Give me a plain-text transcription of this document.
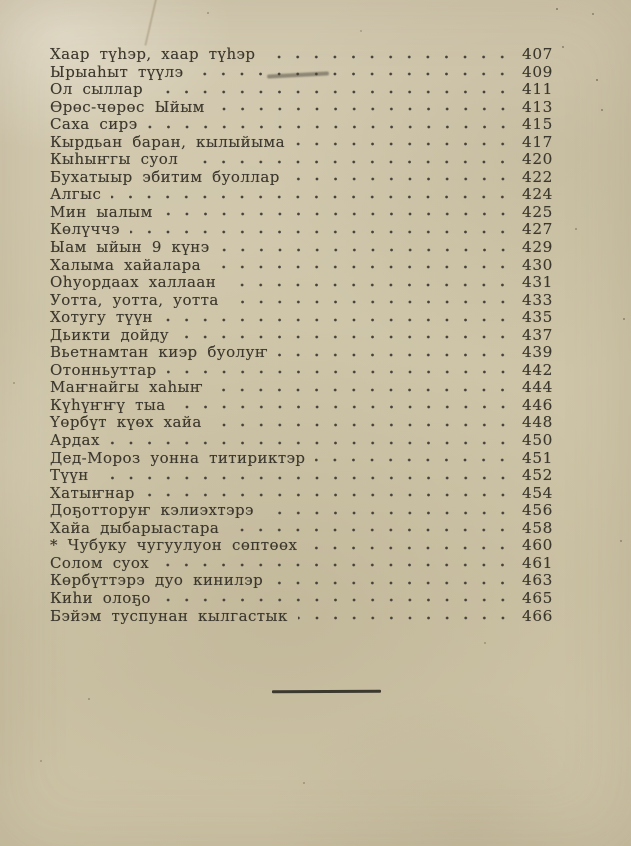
Хаар түһэр, хаар түһэр	407
Ырыаһыт түүлэ	409
Ол сыллар	411
Өрөс-чөрөс Ыйым	413
Саха сирэ	415
Кырдьан баран, кылыйыма	417
Кыһыҥгы суол	420
Бухатыыр эбитим буоллар	422
Алгыс	424
Мин ыалым	425
Көлүччэ	427
Ыам ыйын 9 күнэ	429
Халыма хайалара	430
Оһуордаах халлаан	431
Уотта, уотта, уотта	433
Хотугу түүн	435
Дьикти дойду	437
Вьетнамтан киэр буолуҥ	439
Отонньуттар	442
Маҥнайгы хаһыҥ	444
Күһүҥҥү тыа	446
Үөрбүт күөх хайа	448
Ардах	450
Дед-Мороз уонна титириктэр	451
Түүн	452
Хатыҥнар	454
Доҕотторуҥ кэлиэхтэрэ	456
Хайа дыбарыастара	458
* Чубуку чугуулуон сөптөөх	460
Солом суох	461
Көрбүттэрэ дуо кинилэр	463
Киһи олоҕо	465
Бэйэм туспунан кылгастык	466
